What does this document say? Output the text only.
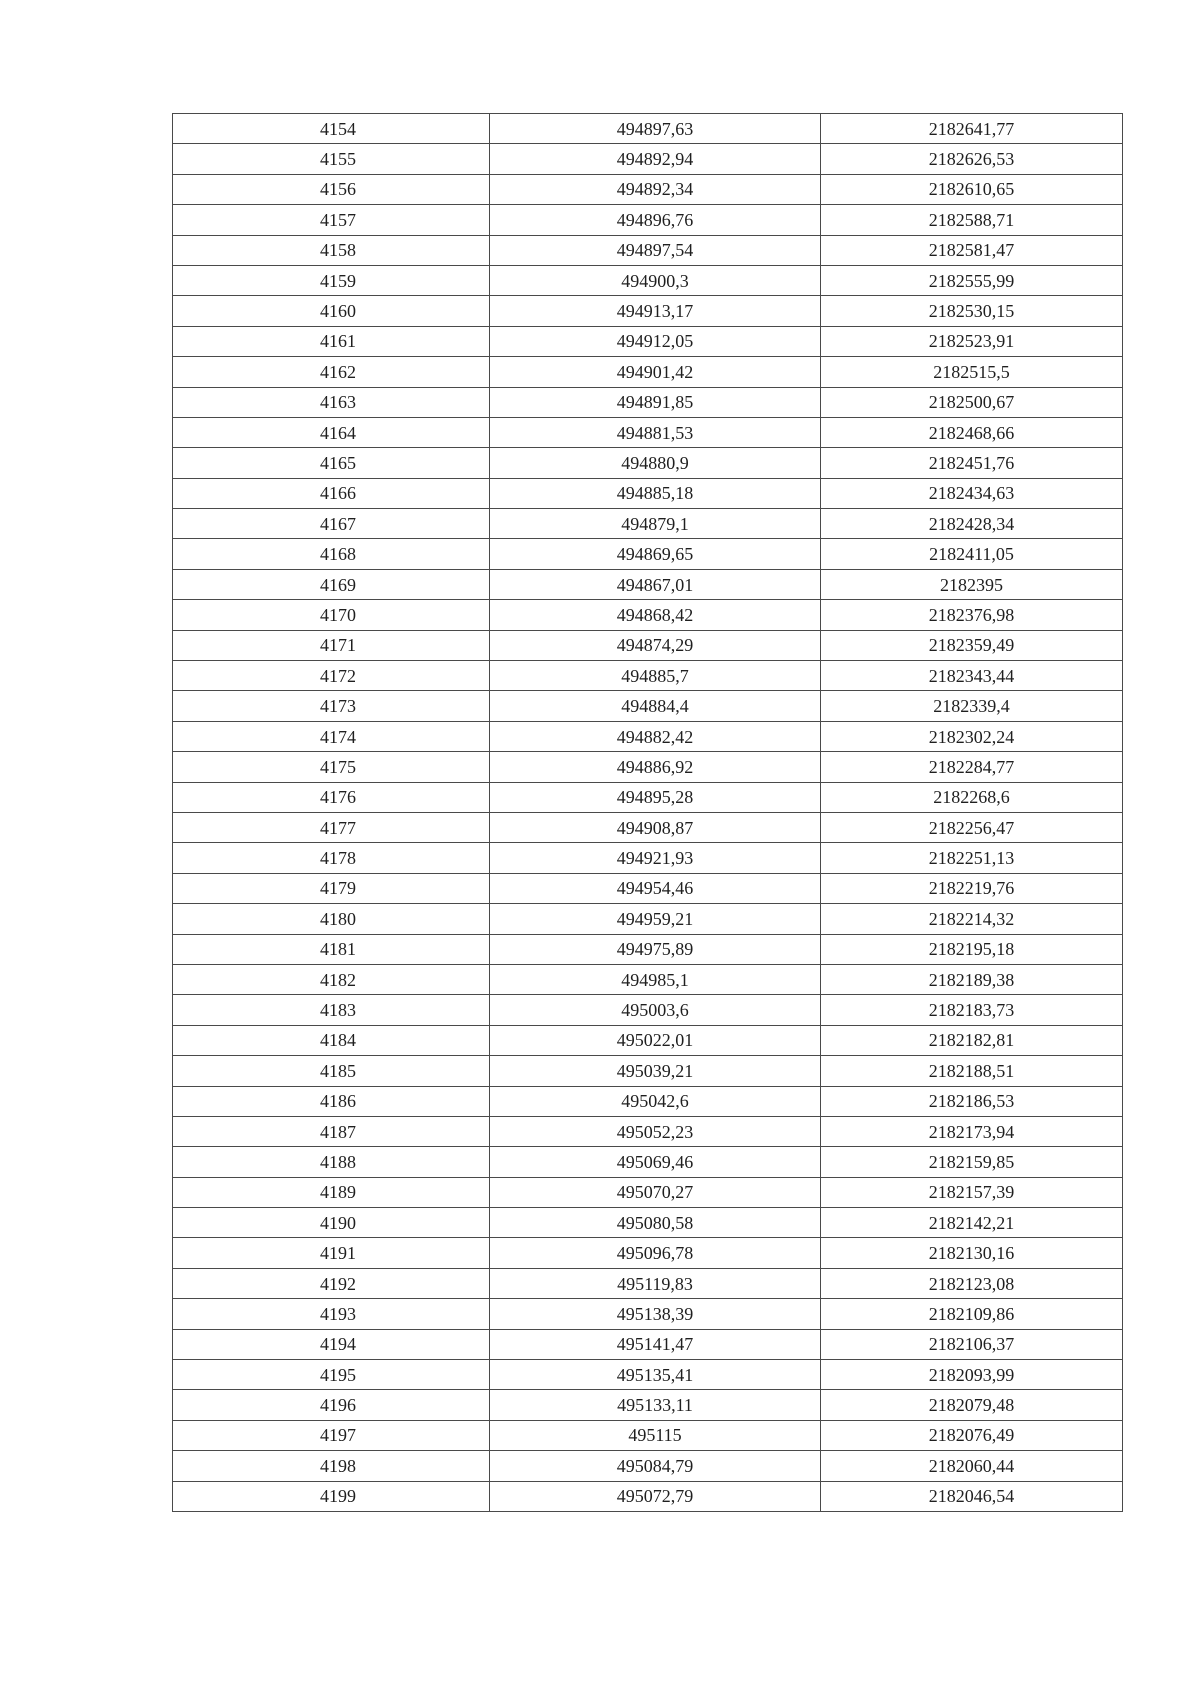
4154	494897,63	2182641,77
4155	494892,94	2182626,53
4156	494892,34	2182610,65
4157	494896,76	2182588,71
4158	494897,54	2182581,47
4159	494900,3	2182555,99
4160	494913,17	2182530,15
4161	494912,05	2182523,91
4162	494901,42	2182515,5
4163	494891,85	2182500,67
4164	494881,53	2182468,66
4165	494880,9	2182451,76
4166	494885,18	2182434,63
4167	494879,1	2182428,34
4168	494869,65	2182411,05
4169	494867,01	2182395
4170	494868,42	2182376,98
4171	494874,29	2182359,49
4172	494885,7	2182343,44
4173	494884,4	2182339,4
4174	494882,42	2182302,24
4175	494886,92	2182284,77
4176	494895,28	2182268,6
4177	494908,87	2182256,47
4178	494921,93	2182251,13
4179	494954,46	2182219,76
4180	494959,21	2182214,32
4181	494975,89	2182195,18
4182	494985,1	2182189,38
4183	495003,6	2182183,73
4184	495022,01	2182182,81
4185	495039,21	2182188,51
4186	495042,6	2182186,53
4187	495052,23	2182173,94
4188	495069,46	2182159,85
4189	495070,27	2182157,39
4190	495080,58	2182142,21
4191	495096,78	2182130,16
4192	495119,83	2182123,08
4193	495138,39	2182109,86
4194	495141,47	2182106,37
4195	495135,41	2182093,99
4196	495133,11	2182079,48
4197	495115	2182076,49
4198	495084,79	2182060,44
4199	495072,79	2182046,54
